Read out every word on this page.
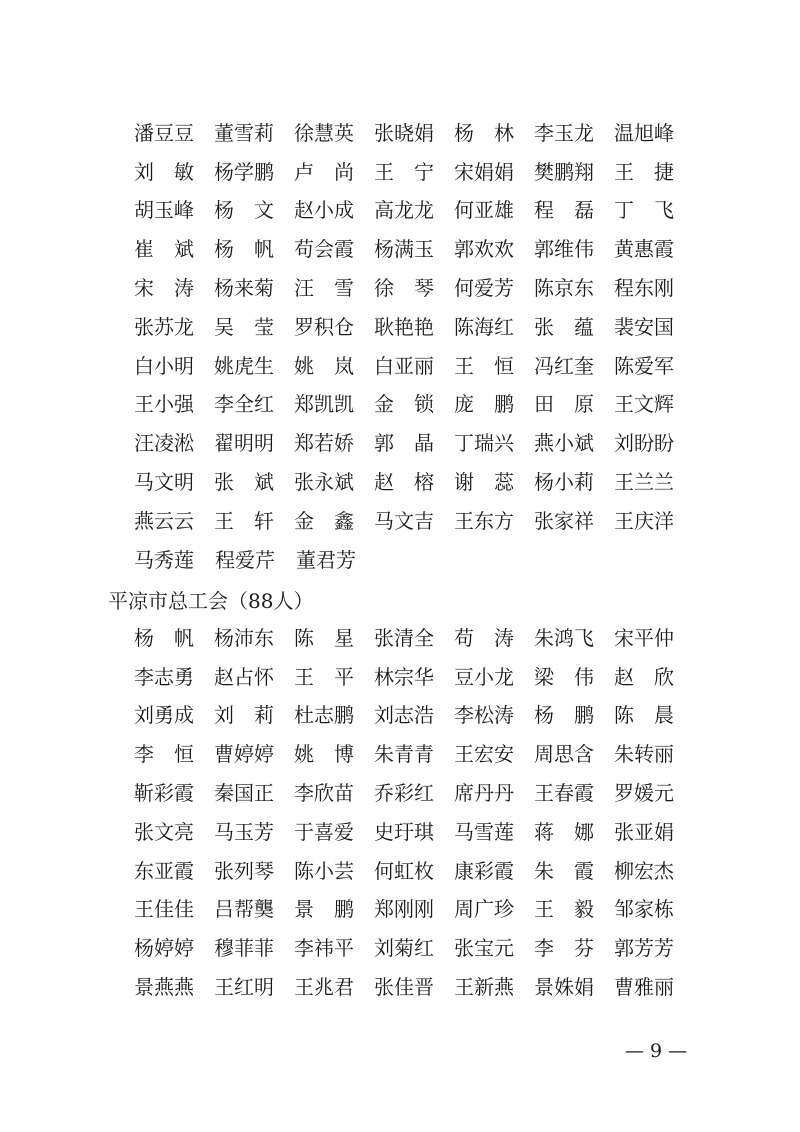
潘豆豆	董雪莉	徐慧英	张晓娟	杨　林	李玉龙	温旭峰
刘　敏	杨学鹏	卢　尚	王　宁	宋娟娟	樊鹏翔	王　捷
胡玉峰	杨　文	赵小成	高龙龙	何亚雄	程　磊	丁　飞
崔　斌	杨　帆	苟会霞	杨满玉	郭欢欢	郭维伟	黄惠霞
宋　涛	杨来菊	汪　雪	徐　琴	何爱芳	陈京东	程东刚
张苏龙	吴　莹	罗积仓	耿艳艳	陈海红	张　蕴	裴安国
白小明	姚虎生	姚　岚	白亚丽	王　恒	冯红奎	陈爱军
王小强	李全红	郑凯凯	金　锁	庞　鹏	田　原	王文辉
汪凌淞	翟明明	郑若娇	郭　晶	丁瑞兴	燕小斌	刘盼盼
马文明	张　斌	张永斌	赵　榕	谢　蕊	杨小莉	王兰兰
燕云云	王　轩	金　鑫	马文吉	王东方	张家祥	王庆洋
马秀莲	程爱芹	董君芳
平凉市总工会（88人）
杨　帆	杨沛东	陈　星	张清全	苟　涛	朱鸿飞	宋平仲
李志勇	赵占怀	王　平	林宗华	豆小龙	梁　伟	赵　欣
刘勇成	刘　莉	杜志鹏	刘志浩	李松涛	杨　鹏	陈　晨
李　恒	曹婷婷	姚　博	朱青青	王宏安	周思含	朱转丽
靳彩霞	秦国正	李欣苗	乔彩红	席丹丹	王春霞	罗媛元
张文亮	马玉芳	于喜爱	史玗琪	马雪莲	蒋　娜	张亚娟
东亚霞	张列琴	陈小芸	何虹枚	康彩霞	朱　霞	柳宏杰
王佳佳	吕帮龑	景　鹏	郑刚刚	周广珍	王　毅	邹家栋
杨婷婷	穆菲菲	李祎平	刘菊红	张宝元	李　芬	郭芳芳
景燕燕	王红明	王兆君	张佳晋	王新燕	景姝娟	曹雅丽
— 9 —
